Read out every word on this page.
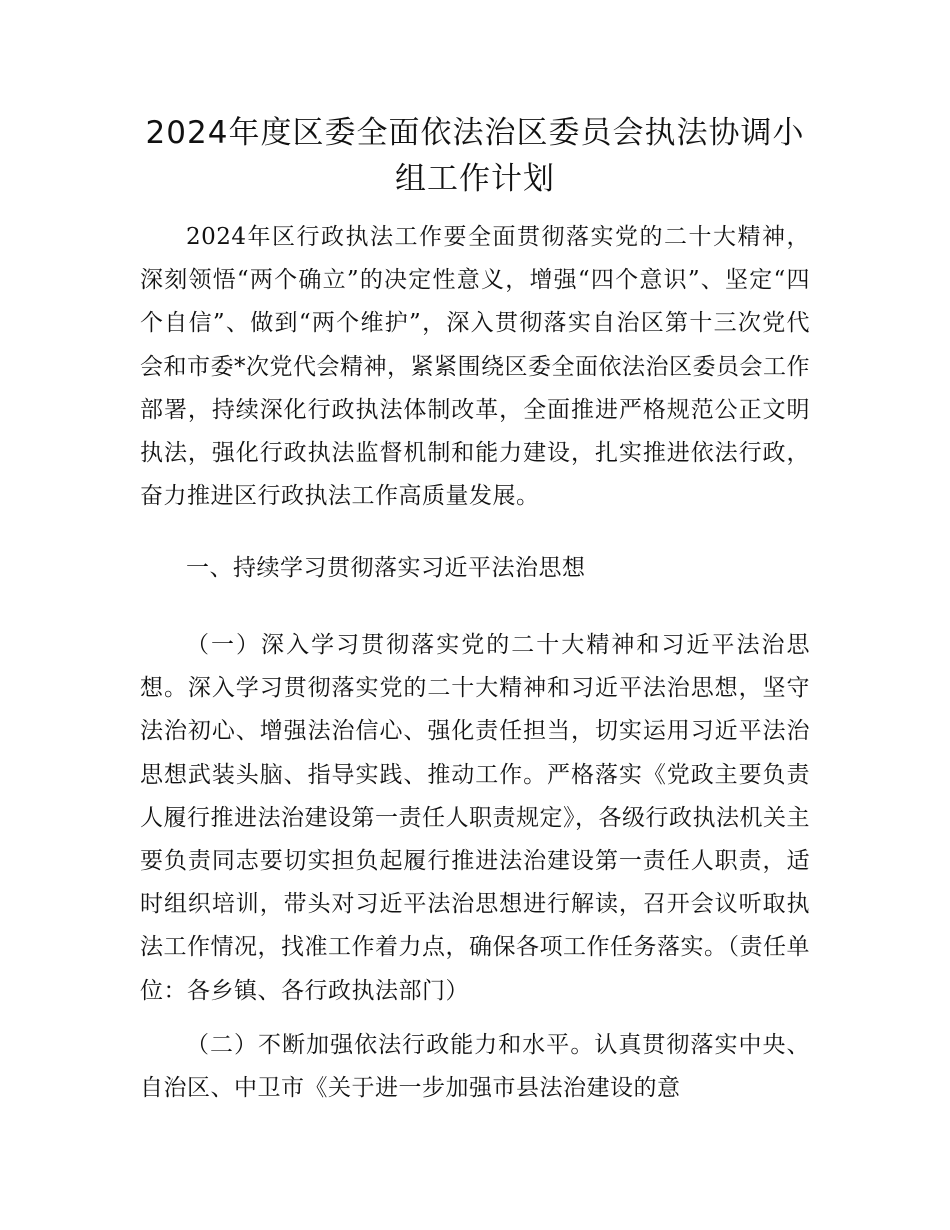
2024年度区委全面依法治区委员会执法协调小组工作计划

2024年区行政执法工作要全面贯彻落实党的二十大精神，深刻领悟“两个确立”的决定性意义，增强“四个意识”、坚定“四个自信”、做到“两个维护”，深入贯彻落实自治区第十三次党代会和市委*次党代会精神，紧紧围绕区委全面依法治区委员会工作部署，持续深化行政执法体制改革，全面推进严格规范公正文明执法，强化行政执法监督机制和能力建设，扎实推进依法行政，奋力推进区行政执法工作高质量发展。

一、持续学习贯彻落实习近平法治思想

（一）深入学习贯彻落实党的二十大精神和习近平法治思想。深入学习贯彻落实党的二十大精神和习近平法治思想，坚守法治初心、增强法治信心、强化责任担当，切实运用习近平法治思想武装头脑、指导实践、推动工作。严格落实《党政主要负责人履行推进法治建设第一责任人职责规定》，各级行政执法机关主要负责同志要切实担负起履行推进法治建设第一责任人职责，适时组织培训，带头对习近平法治思想进行解读，召开会议听取执法工作情况，找准工作着力点，确保各项工作任务落实。（责任单位：各乡镇、各行政执法部门）

（二）不断加强依法行政能力和水平。认真贯彻落实中央、自治区、中卫市《关于进一步加强市县法治建设的意
